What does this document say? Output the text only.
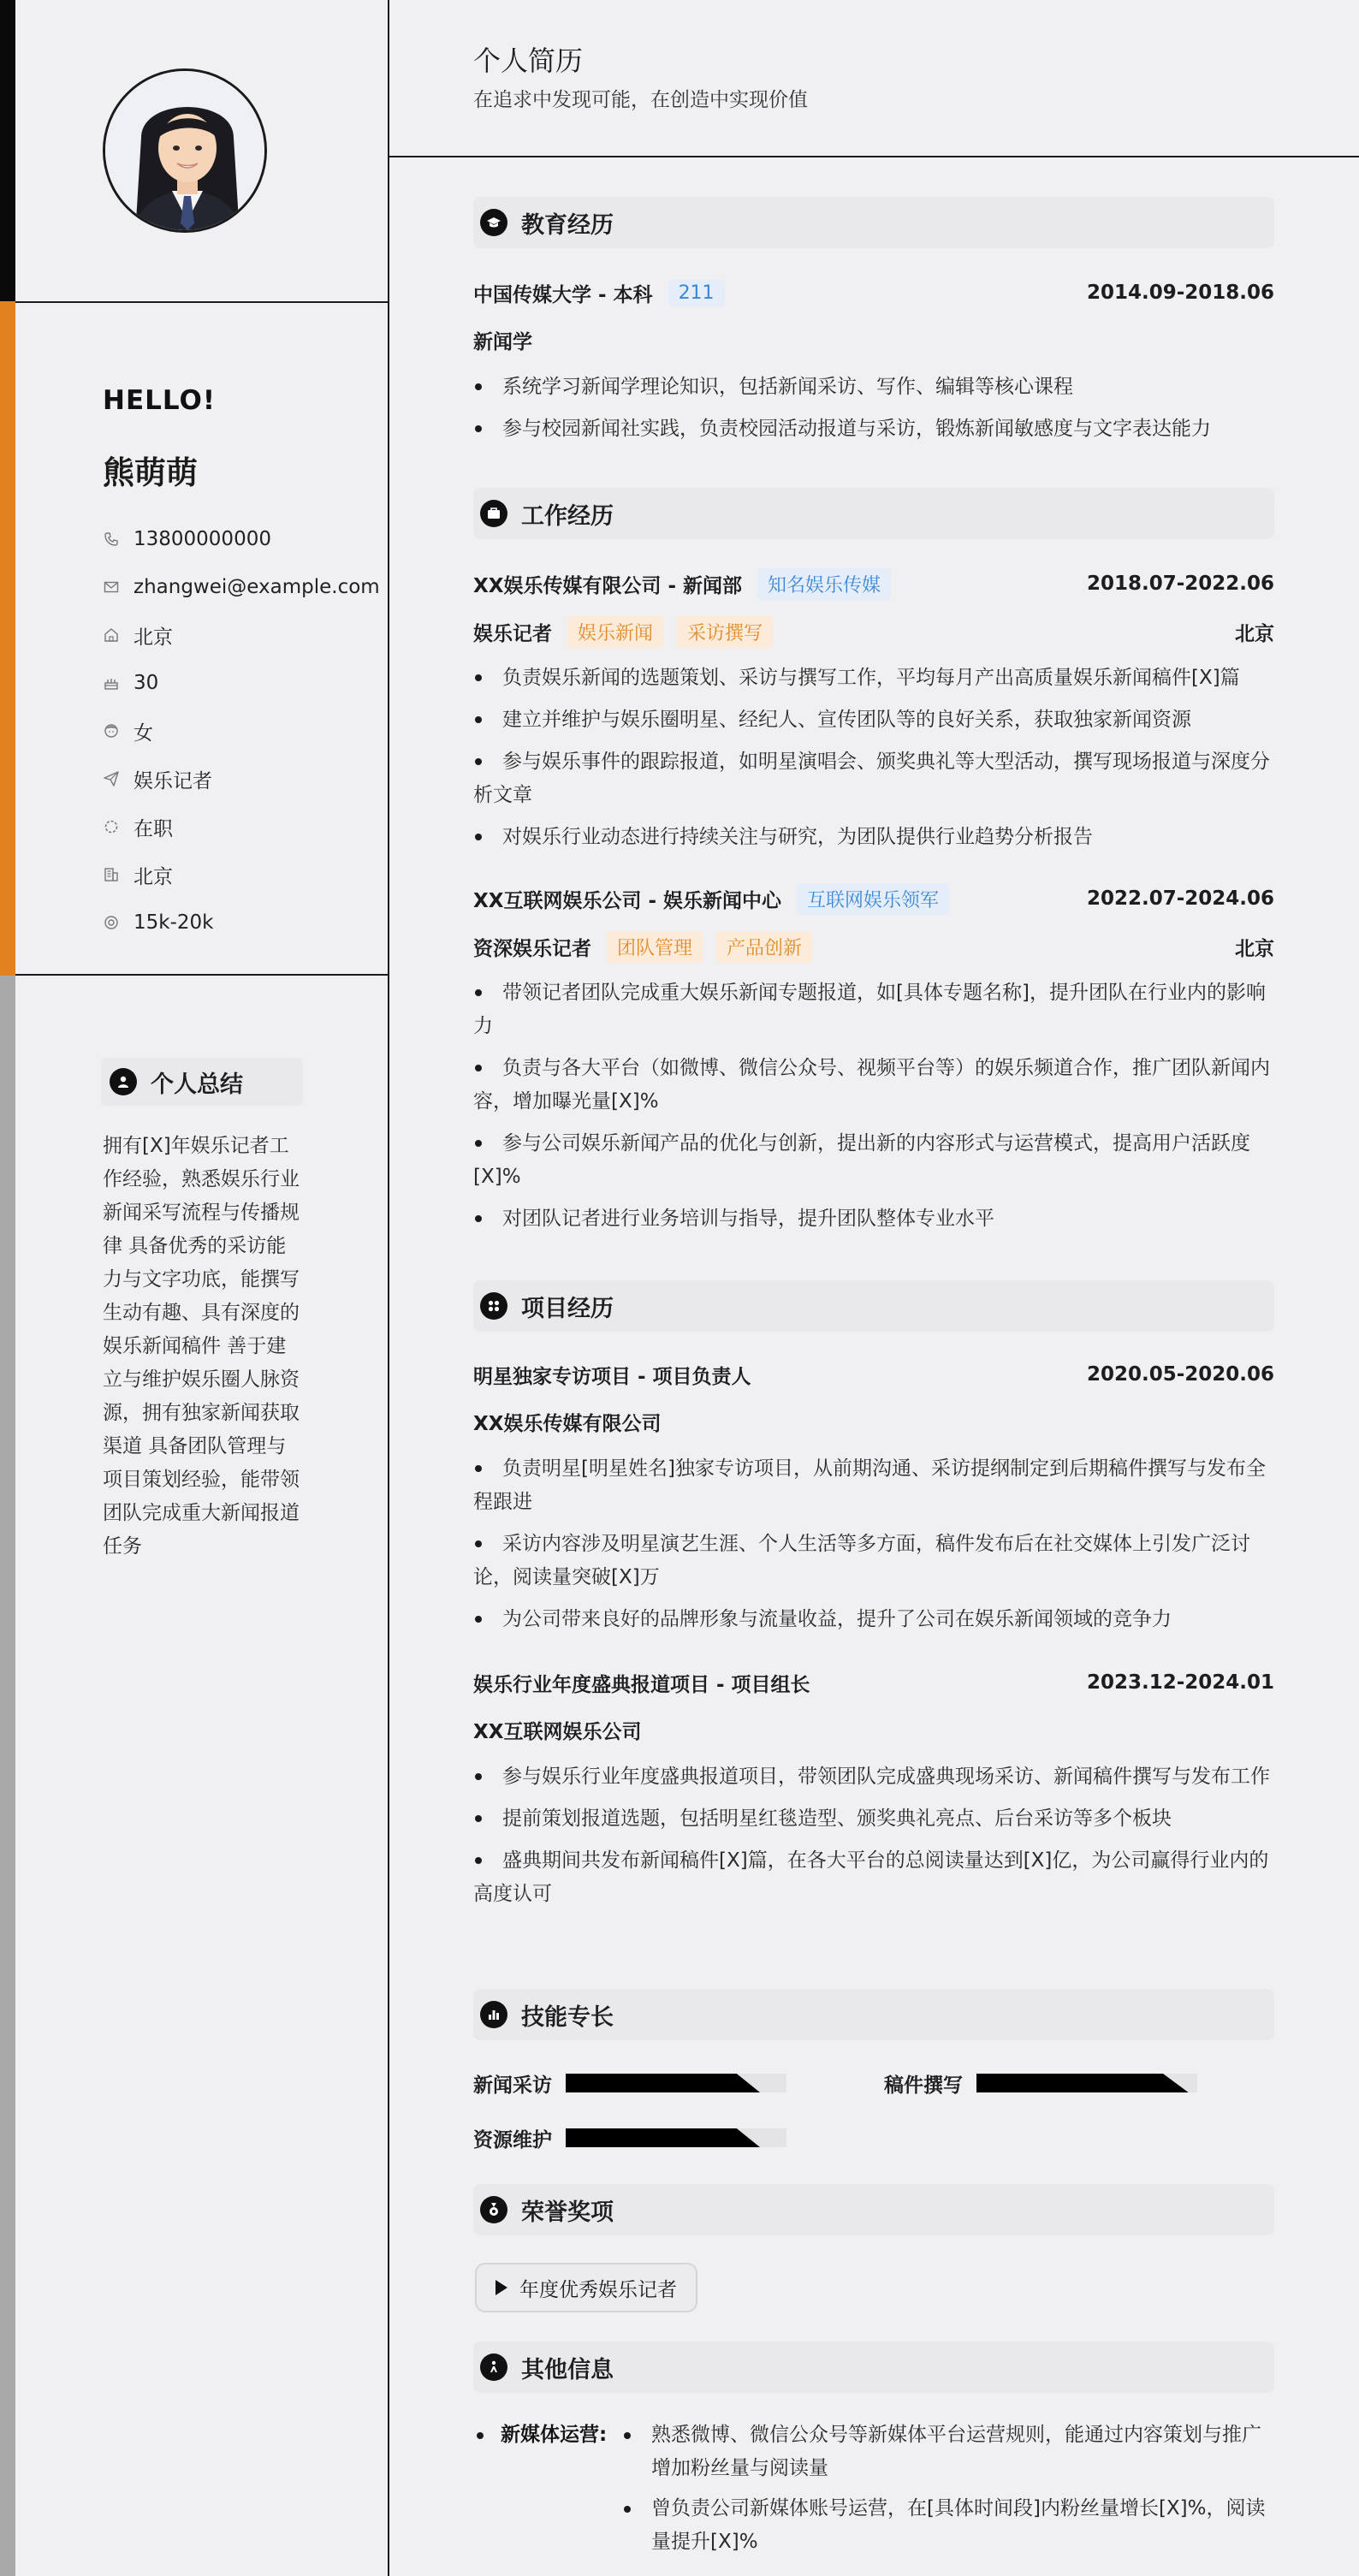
HELLO!
熊萌萌
13800000000
zhangwei@example.com
北京
30
女
娱乐记者
在职
北京
15k-20k
个人总结
拥有[X]年娱乐记者工作经验，熟悉娱乐行业新闻采写流程与传播规律 具备优秀的采访能力与文字功底，能撰写生动有趣、具有深度的娱乐新闻稿件 善于建立与维护娱乐圈人脉资源，拥有独家新闻获取渠道 具备团队管理与项目策划经验，能带领团队完成重大新闻报道任务
个人简历
在追求中发现可能，在创造中实现价值
教育经历
中国传媒大学 - 本科	211	2014.09-2018.06
新闻学
系统学习新闻学理论知识，包括新闻采访、写作、编辑等核心课程
参与校园新闻社实践，负责校园活动报道与采访，锻炼新闻敏感度与文字表达能力
工作经历
XX娱乐传媒有限公司 - 新闻部	知名娱乐传媒	2018.07-2022.06
娱乐记者	娱乐新闻	采访撰写	北京
负责娱乐新闻的选题策划、采访与撰写工作，平均每月产出高质量娱乐新闻稿件[X]篇
建立并维护与娱乐圈明星、经纪人、宣传团队等的良好关系，获取独家新闻资源
参与娱乐事件的跟踪报道，如明星演唱会、颁奖典礼等大型活动，撰写现场报道与深度分析文章
对娱乐行业动态进行持续关注与研究，为团队提供行业趋势分析报告
XX互联网娱乐公司 - 娱乐新闻中心	互联网娱乐领军	2022.07-2024.06
资深娱乐记者	团队管理	产品创新	北京
带领记者团队完成重大娱乐新闻专题报道，如[具体专题名称]，提升团队在行业内的影响力
负责与各大平台（如微博、微信公众号、视频平台等）的娱乐频道合作，推广团队新闻内容，增加曝光量[X]%
参与公司娱乐新闻产品的优化与创新，提出新的内容形式与运营模式，提高用户活跃度[X]%
对团队记者进行业务培训与指导，提升团队整体专业水平
项目经历
明星独家专访项目 - 项目负责人	2020.05-2020.06
XX娱乐传媒有限公司
负责明星[明星姓名]独家专访项目，从前期沟通、采访提纲制定到后期稿件撰写与发布全程跟进
采访内容涉及明星演艺生涯、个人生活等多方面，稿件发布后在社交媒体上引发广泛讨论，阅读量突破[X]万
为公司带来良好的品牌形象与流量收益，提升了公司在娱乐新闻领域的竞争力
娱乐行业年度盛典报道项目 - 项目组长	2023.12-2024.01
XX互联网娱乐公司
参与娱乐行业年度盛典报道项目，带领团队完成盛典现场采访、新闻稿件撰写与发布工作
提前策划报道选题，包括明星红毯造型、颁奖典礼亮点、后台采访等多个板块
盛典期间共发布新闻稿件[X]篇，在各大平台的总阅读量达到[X]亿，为公司赢得行业内的高度认可
技能专长
新闻采访	稿件撰写
资源维护
荣誉奖项
年度优秀娱乐记者
其他信息
新媒体运营:	熟悉微博、微信公众号等新媒体平台运营规则，能通过内容策划与推广增加粉丝量与阅读量
曾负责公司新媒体账号运营，在[具体时间段]内粉丝量增长[X]%，阅读量提升[X]%
